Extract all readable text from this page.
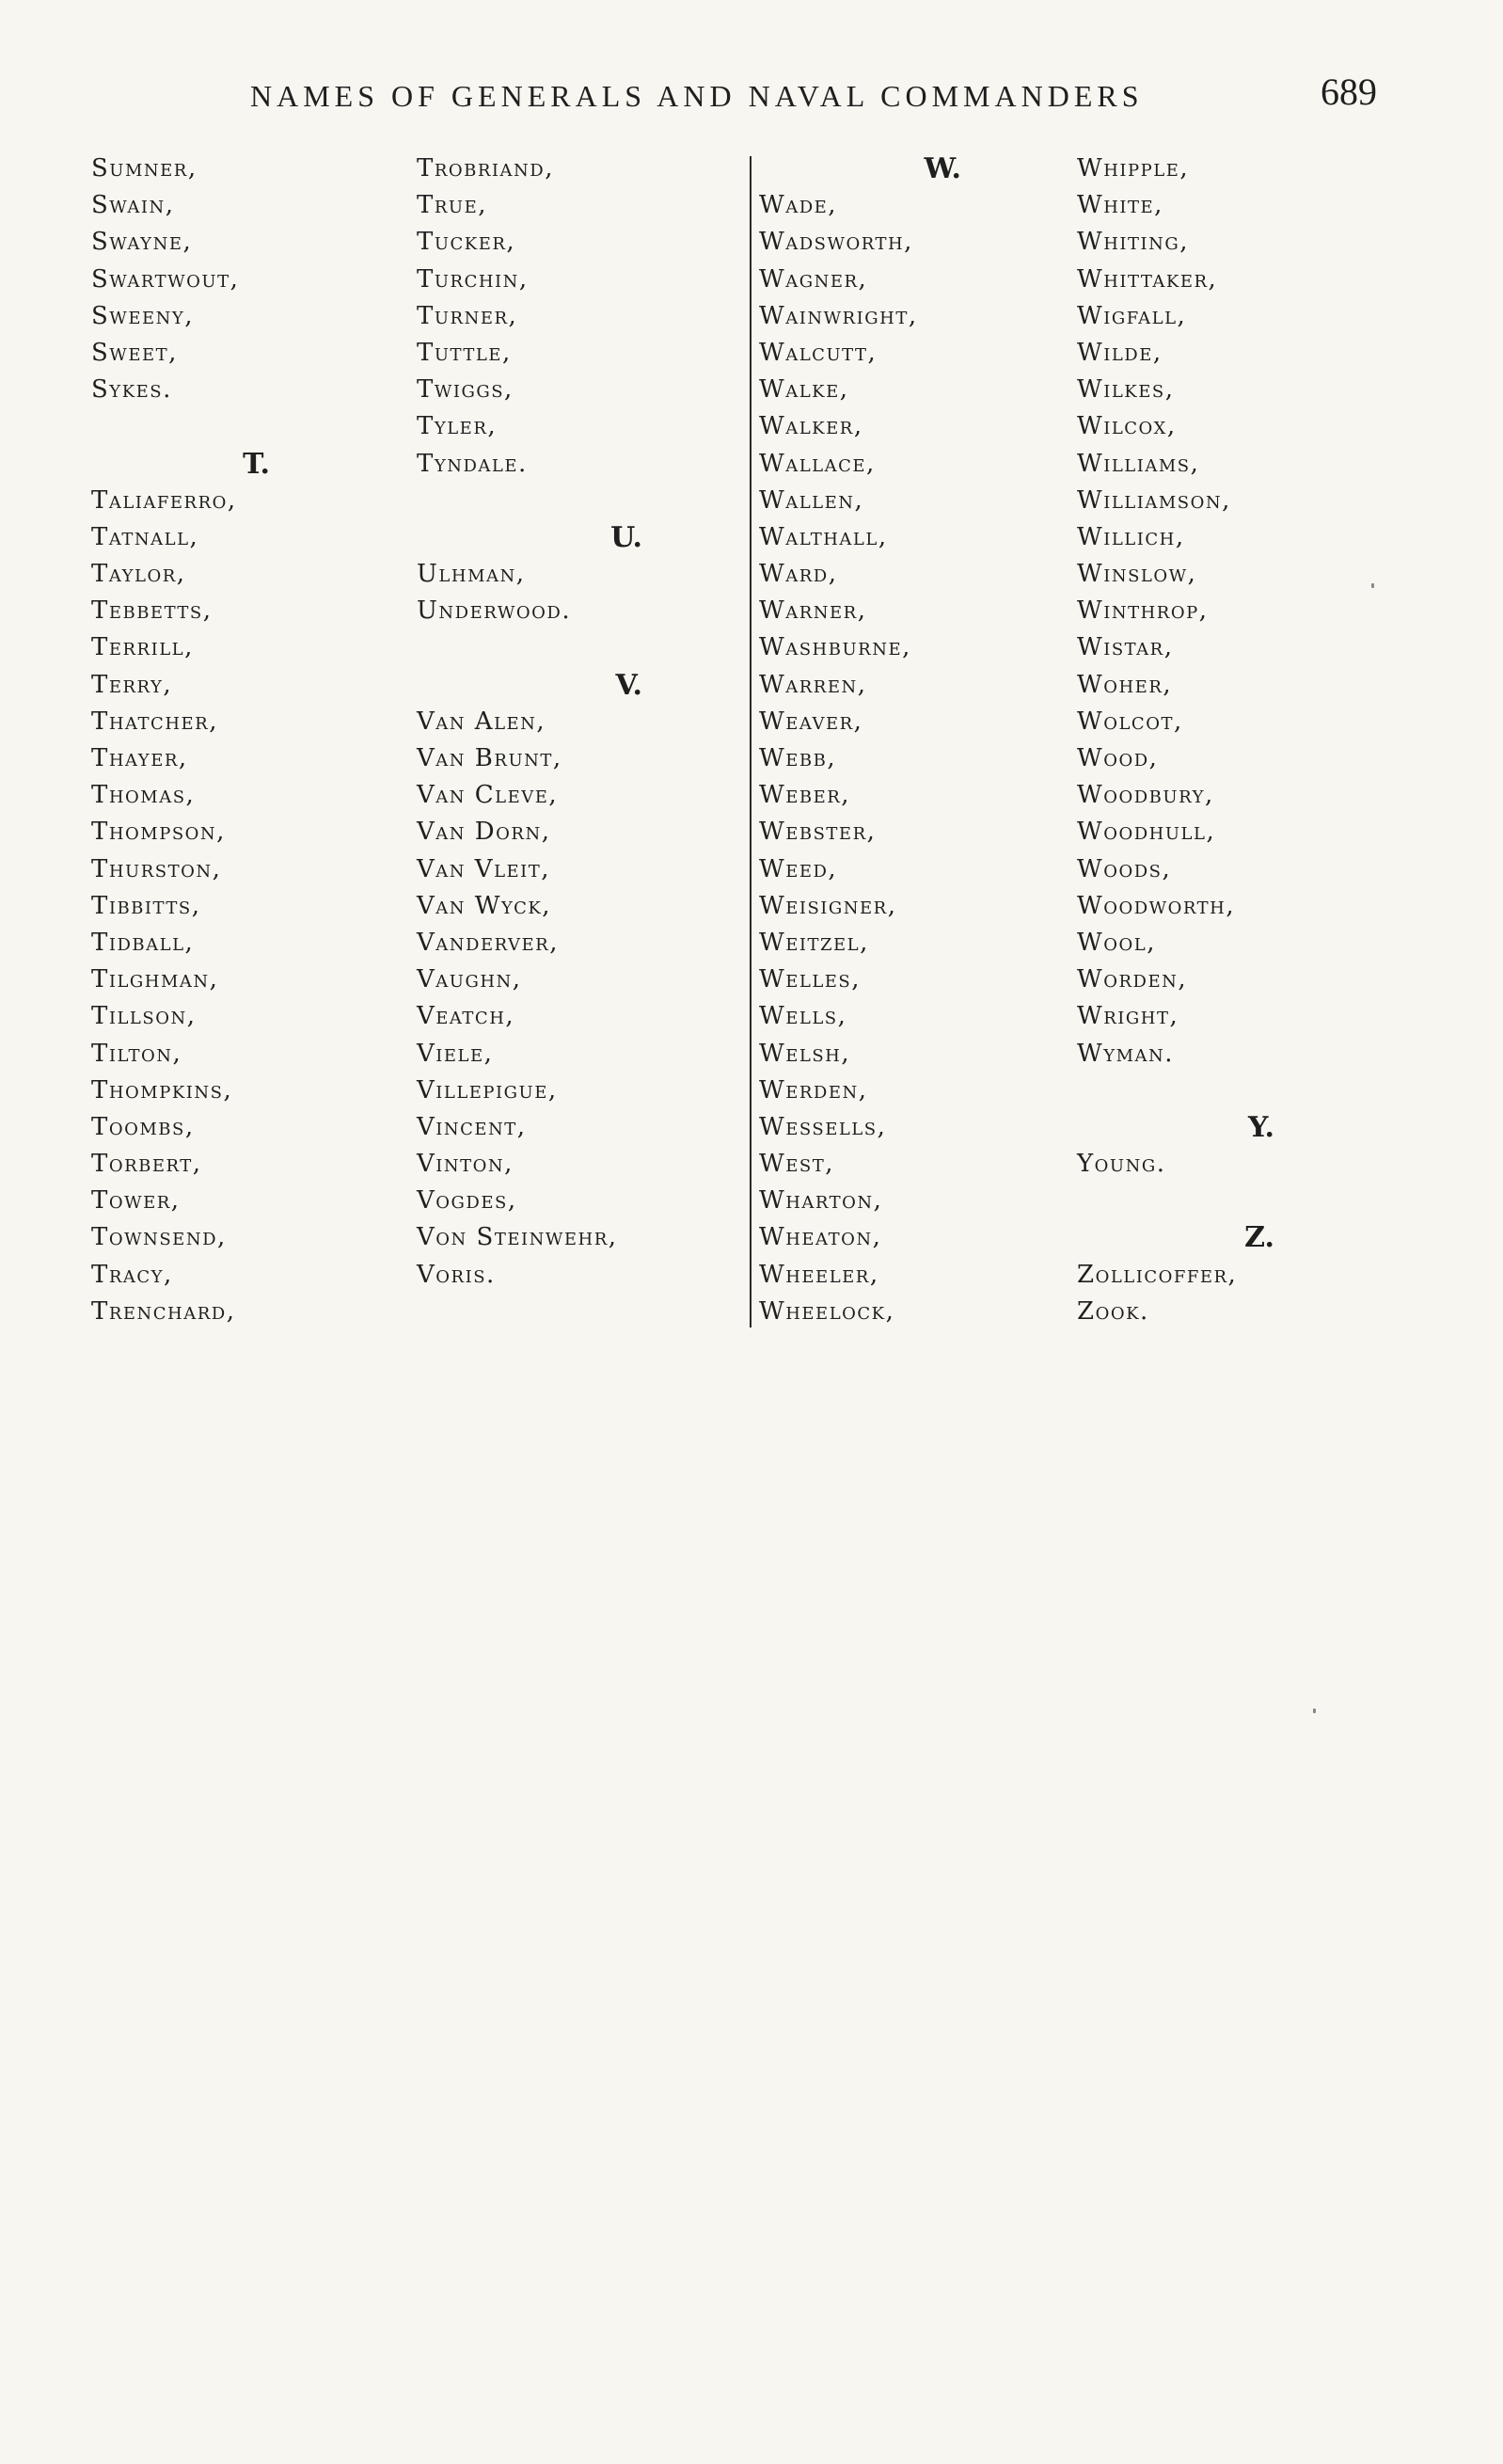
NAMES OF GENERALS AND NAVAL COMMANDERS	689
Sumner,
Swain,
Swayne,
Swartwout,
Sweeny,
Sweet,
Sykes.
T.
Taliaferro,
Tatnall,
Taylor,
Tebbetts,
Terrill,
Terry,
Thatcher,
Thayer,
Thomas,
Thompson,
Thurston,
Tibbitts,
Tidball,
Tilghman,
Tillson,
Tilton,
Thompkins,
Toombs,
Torbert,
Tower,
Townsend,
Tracy,
Trenchard,
Trobriand,
True,
Tucker,
Turchin,
Turner,
Tuttle,
Twiggs,
Tyler,
Tyndale.
U.
Ulhman,
Underwood.
V.
Van Alen,
Van Brunt,
Van Cleve,
Van Dorn,
Van Vleit,
Van Wyck,
Vanderver,
Vaughn,
Veatch,
Viele,
Villepigue,
Vincent,
Vinton,
Vogdes,
Von Steinwehr,
Voris.
W.
Wade,
Wadsworth,
Wagner,
Wainwright,
Walcutt,
Walke,
Walker,
Wallace,
Wallen,
Walthall,
Ward,
Warner,
Washburne,
Warren,
Weaver,
Webb,
Weber,
Webster,
Weed,
Weisigner,
Weitzel,
Welles,
Wells,
Welsh,
Werden,
Wessells,
West,
Wharton,
Wheaton,
Wheeler,
Wheelock,
Whipple,
White,
Whiting,
Whittaker,
Wigfall,
Wilde,
Wilkes,
Wilcox,
Williams,
Williamson,
Willich,
Winslow,
Winthrop,
Wistar,
Woher,
Wolcot,
Wood,
Woodbury,
Woodhull,
Woods,
Woodworth,
Wool,
Worden,
Wright,
Wyman.
Y.
Young.
Z.
Zollicoffer,
Zook.
